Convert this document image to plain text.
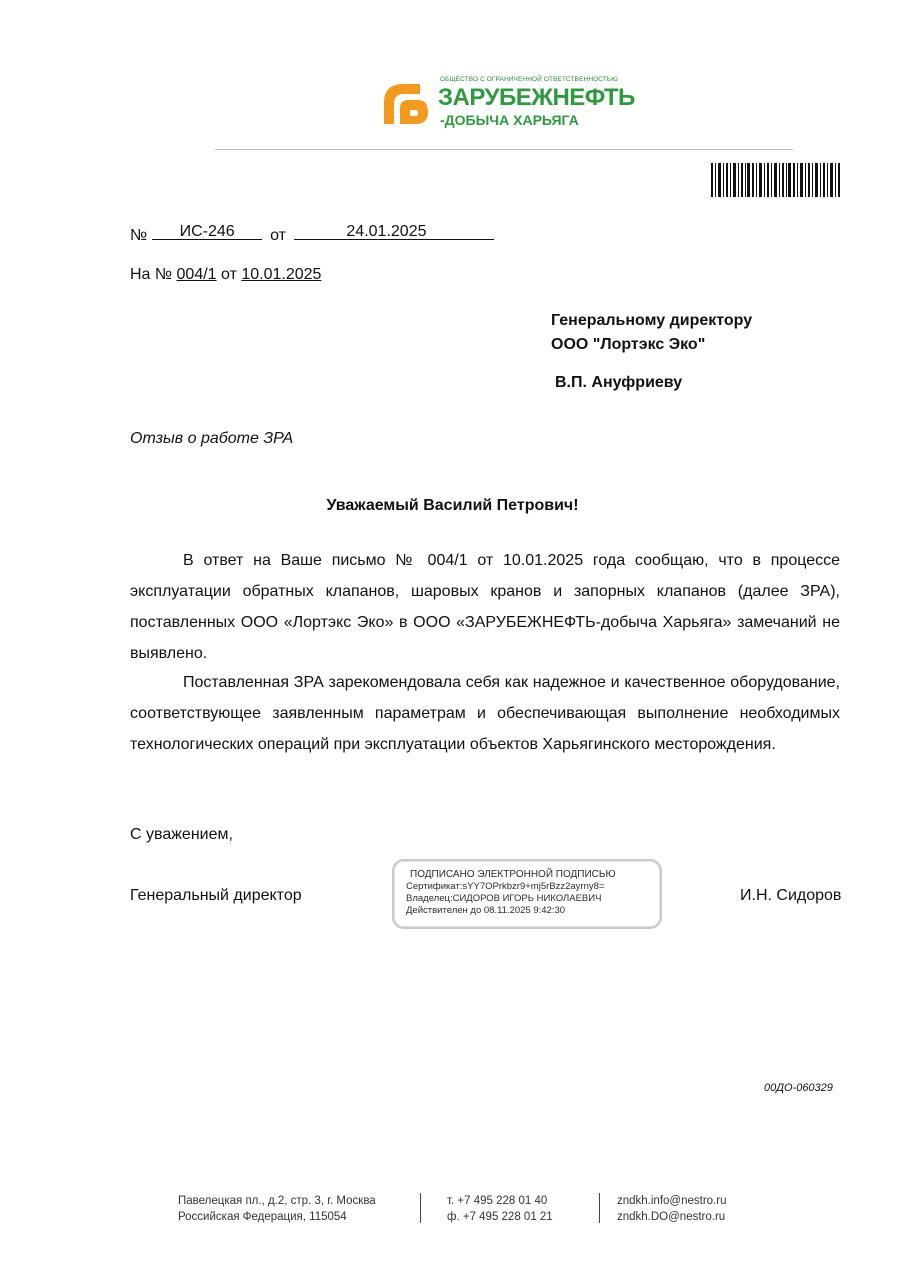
ОБЩЕСТВО С ОГРАНИЧЕННОЙ ОТВЕТСТВЕННОСТЬЮ
ЗАРУБЕЖНЕФТЬ
-ДОБЫЧА ХАРЬЯГА
№ ИС-246 от	24.01.2025
На № 004/1 от 10.01.2025
Генеральному директору
ООО "Лортэкс Эко"
В.П. Ануфриеву
Отзыв о работе ЗРА
Уважаемый Василий Петрович!

В ответ на Ваше письмо № 004/1 от 10.01.2025 года сообщаю, что в процессе эксплуатации обратных клапанов, шаровых кранов и запорных клапанов (далее ЗРА), поставленных ООО «Лортэкс Эко» в ООО «ЗАРУБЕЖНЕФТЬ-добыча Харьяга» замечаний не выявлено.

Поставленная ЗРА зарекомендовала себя как надежное и качественное оборудование, соответствующее заявленным параметрам и обеспечивающая выполнение необходимых технологических операций при эксплуатации объектов Харьягинского месторождения.

С уважением,
Генеральный директор
ПОДПИСАНО ЭЛЕКТРОННОЙ ПОДПИСЬЮ
Сертификат:sYY7OPrkbzr9+mj5rBzz2ayrny8=
Владелец:СИДОРОВ ИГОРЬ НИКОЛАЕВИЧ
Действителен до 08.11.2025 9:42:30
И.Н. Сидоров
00ДО-060329
Павелецкая пл., д.2, стр. 3, г. Москва
Российская Федерация, 115054
т. +7 495 228 01 40
ф. +7 495 228 01 21
zndkh.info@nestro.ru
zndkh.DO@nestro.ru
